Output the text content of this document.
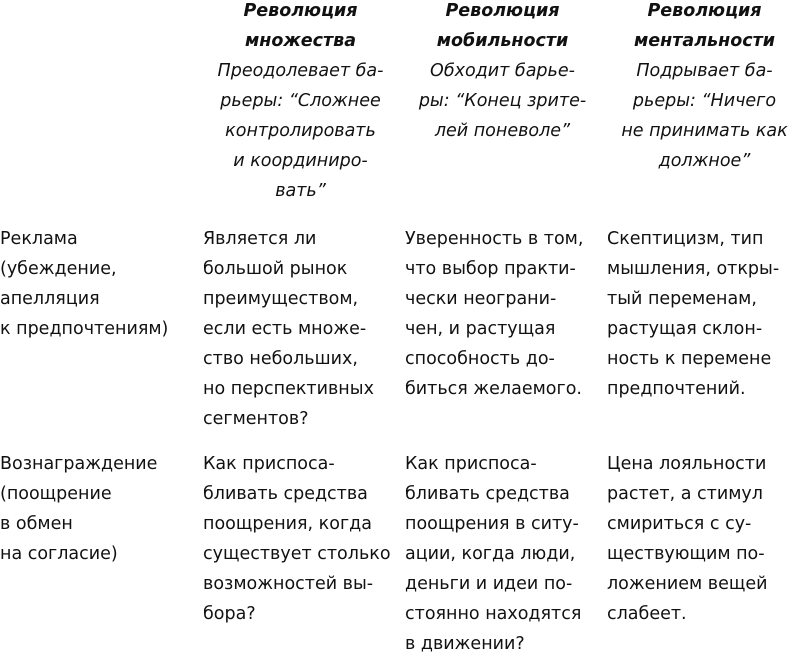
Революция
множества
Преодолевает ба-
рьеры: “Сложнее
контролировать
и координиро-
вать”
Революция
мобильности
Обходит барье-
ры: “Конец зрите-
лей поневоле”
Революция
ментальности
Подрывает ба-
рьеры: “Ничего
не принимать как
должное”
Реклама
(убеждение,
апелляция
к предпочтениям)
Является ли
большой рынок
преимуществом,
если есть множе-
ство небольших,
но перспективных
сегментов?
Уверенность в том,
что выбор практи-
чески неограни-
чен, и растущая
способность до-
биться желаемого.
Скептицизм, тип
мышления, откры-
тый переменам,
растущая склон-
ность к перемене
предпочтений.
Вознаграждение
(поощрение
в обмен
на согласие)
Как приспоса-
бливать средства
поощрения, когда
существует столько
возможностей вы-
бора?
Как приспоса-
бливать средства
поощрения в ситу-
ации, когда люди,
деньги и идеи по-
стоянно находятся
в движении?
Цена лояльности
растет, а стимул
смириться с су-
ществующим по-
ложением вещей
слабеет.
